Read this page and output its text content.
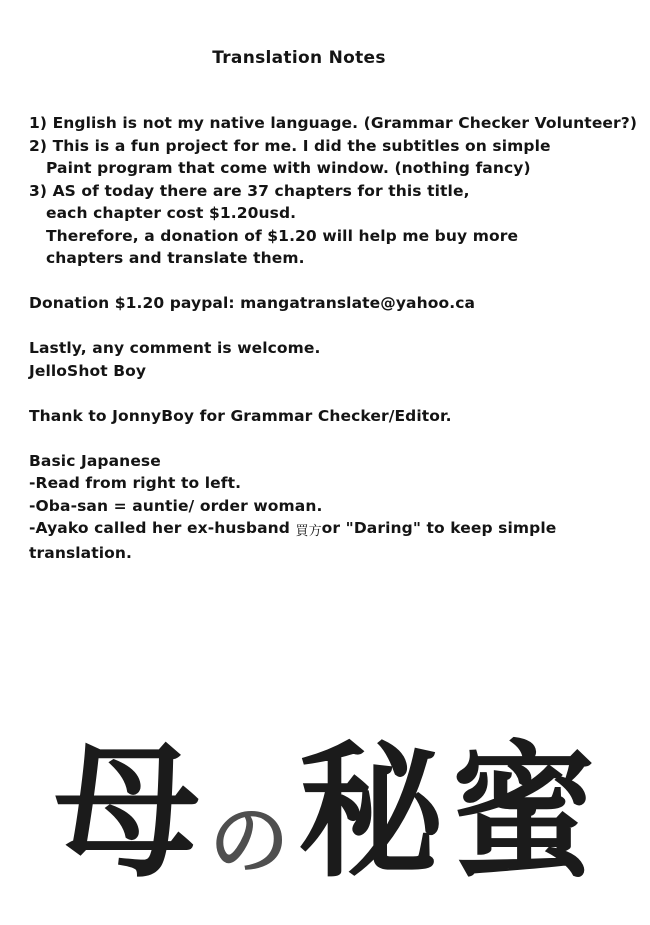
Translation Notes
1) English is not my native language. (Grammar Checker Volunteer?)
2) This is a fun project for me. I did the subtitles on simple
Paint program that come with window. (nothing fancy)
3) AS of today there are 37 chapters for this title,
each chapter cost $1.20usd.
Therefore, a donation of $1.20 will help me buy more
chapters and translate them.
Donation $1.20 paypal: mangatranslate@yahoo.ca
Lastly, any comment is welcome.
JelloShot Boy
Thank to JonnyBoy for Grammar Checker/Editor.
Basic Japanese
-Read from right to left.
-Oba-san = auntie/ order woman.
-Ayako called her ex-husband 買方or "Daring" to keep simple
translation.
母 の秘蜜
